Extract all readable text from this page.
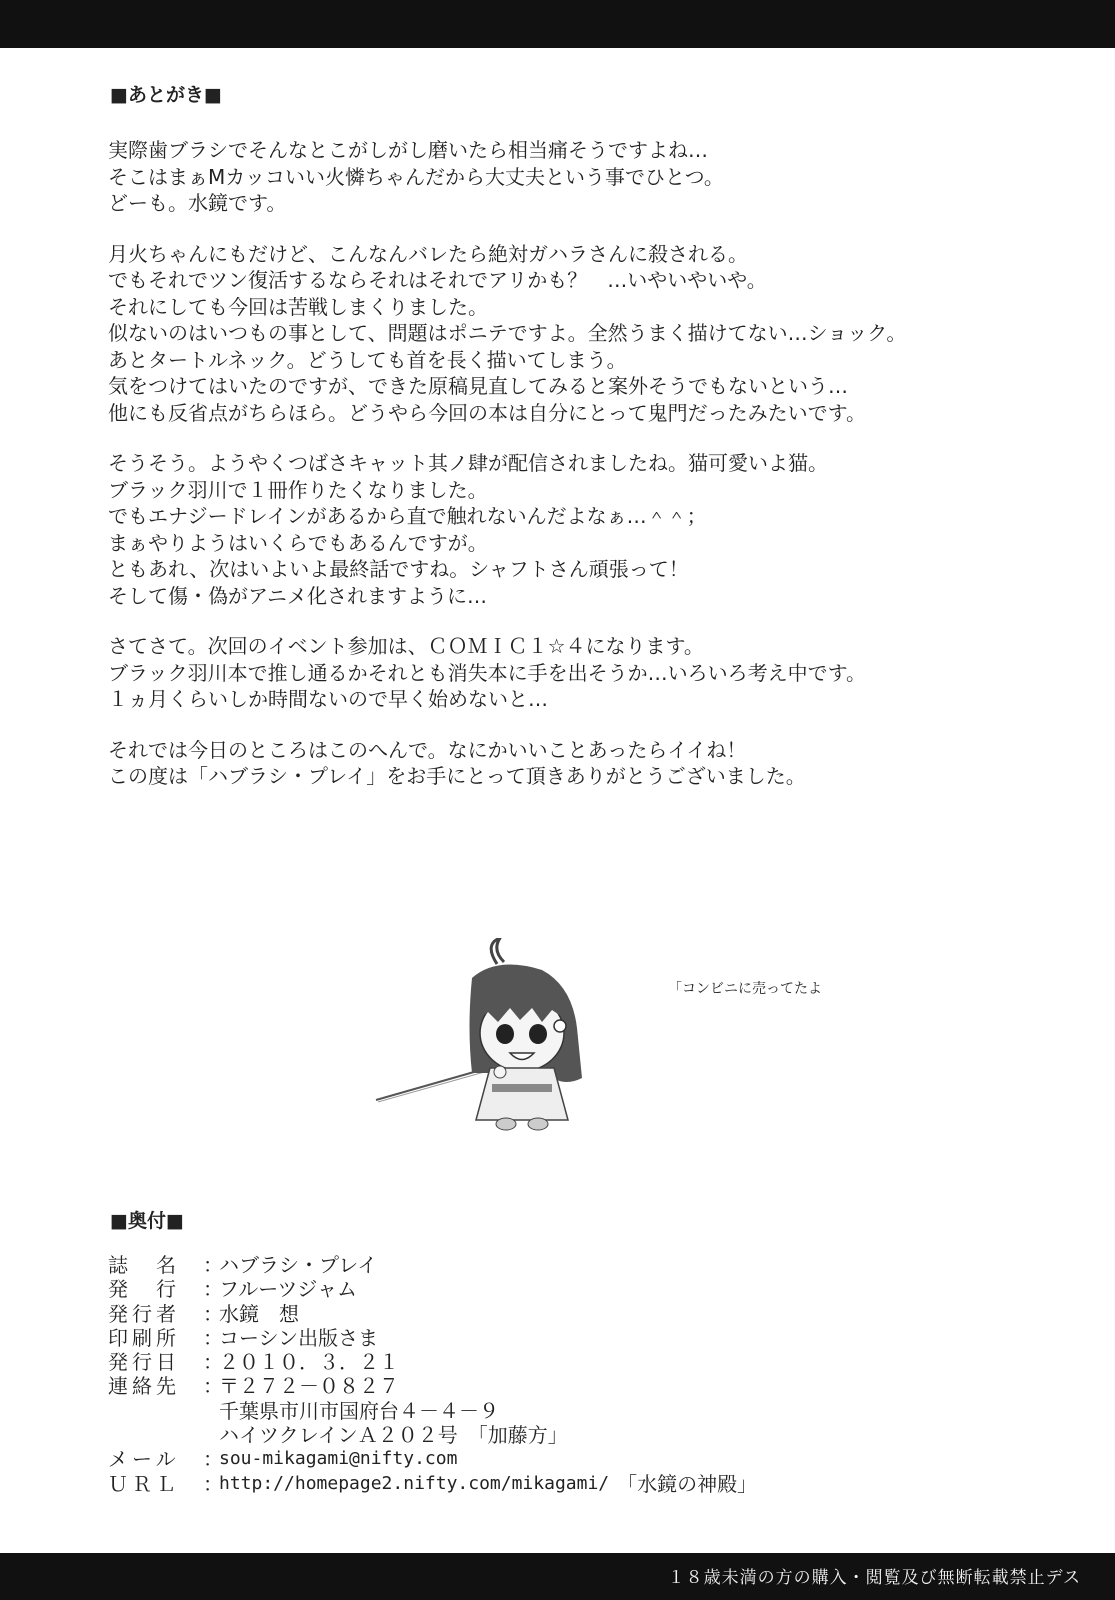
■あとがき■
実際歯ブラシでそんなとこがしがし磨いたら相当痛そうですよね…
そこはまぁMカッコいい火憐ちゃんだから大丈夫という事でひとつ。
どーも。水鏡です。
月火ちゃんにもだけど、こんなんバレたら絶対ガハラさんに殺される。
でもそれでツン復活するならそれはそれでアリかも？　…いやいやいや。
それにしても今回は苦戦しまくりました。
似ないのはいつもの事として、問題はポニテですよ。全然うまく描けてない…ショック。
あとタートルネック。どうしても首を長く描いてしまう。
気をつけてはいたのですが、できた原稿見直してみると案外そうでもないという…
他にも反省点がちらほら。どうやら今回の本は自分にとって鬼門だったみたいです。
そうそう。ようやくつばさキャット其ノ肆が配信されましたね。猫可愛いよ猫。
ブラック羽川で１冊作りたくなりました。
でもエナジードレインがあるから直で触れないんだよなぁ…＾＾；
まぁやりようはいくらでもあるんですが。
ともあれ、次はいよいよ最終話ですね。シャフトさん頑張って！
そして傷・偽がアニメ化されますように…
さてさて。次回のイベント参加は、ＣＯＭＩＣ１☆４になります。
ブラック羽川本で推し通るかそれとも消失本に手を出そうか…いろいろ考え中です。
１ヵ月くらいしか時間ないので早く始めないと…
それでは今日のところはこのへんで。なにかいいことあったらイイね！
この度は「ハブラシ・プレイ」をお手にとって頂きありがとうございました。
「コンビニに売ってたよ
■奥付■
誌　名	：
ハブラシ・プレイ
発　行	：
フルーツジャム
発行者	：
水鏡　想
印刷所	：
コーシン出版さま
発行日	：
２０１０．３．２１
連絡先	：
〒２７２－０８２７
千葉県市川市国府台４－４－９
ハイツクレインＡ２０２号　「加藤方」
メール	：
sou-mikagami@nifty.com
ＵＲＬ	：
http://homepage2.nifty.com/mikagami/ 「水鏡の神殿」
１８歳未満の方の購入・閲覧及び無断転載禁止デス
